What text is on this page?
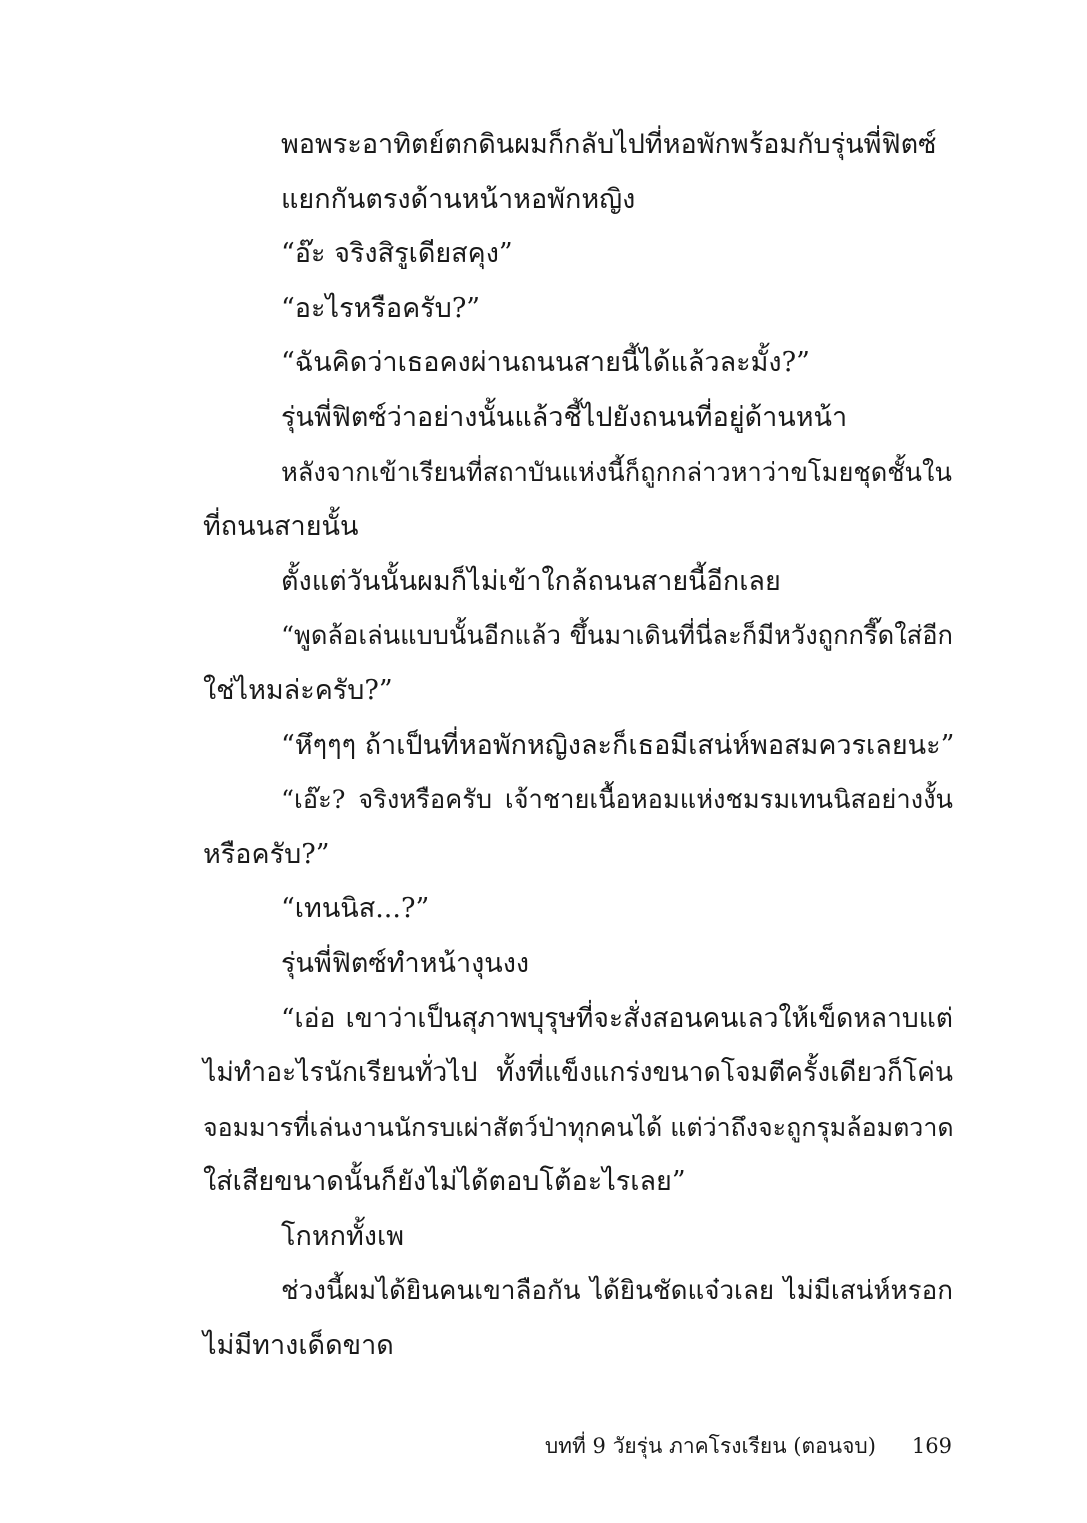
พอพระอาทิตย์ตกดินผมก็กลับไปที่หอพักพร้อมกับรุ่นพี่ฟิตซ์
แยกกันตรงด้านหน้าหอพักหญิง
“อ๊ะ จริงสิรูเดียสคุง”
“อะไรหรือครับ?”
“ฉันคิดว่าเธอคงผ่านถนนสายนี้ได้แล้วละมั้ง?”
รุ่นพี่ฟิตซ์ว่าอย่างนั้นแล้วชี้ไปยังถนนที่อยู่ด้านหน้า
หลังจากเข้าเรียนที่สถาบันแห่งนี้ก็ถูกกล่าวหาว่าขโมยชุดชั้นใน
ที่ถนนสายนั้น
ตั้งแต่วันนั้นผมก็ไม่เข้าใกล้ถนนสายนี้อีกเลย
“พูดล้อเล่นแบบนั้นอีกแล้ว ขึ้นมาเดินที่นี่ละก็มีหวังถูกกรี๊ดใส่อีก
ใช่ไหมล่ะครับ?”
“หึๆๆๆ ถ้าเป็นที่หอพักหญิงละก็เธอมีเสน่ห์พอสมควรเลยนะ”
“เอ๊ะ? จริงหรือครับ เจ้าชายเนื้อหอมแห่งชมรมเทนนิสอย่างงั้น
หรือครับ?”
“เทนนิส...?”
รุ่นพี่ฟิตซ์ทำหน้างุนงง
“เอ่อ เขาว่าเป็นสุภาพบุรุษที่จะสั่งสอนคนเลวให้เข็ดหลาบแต่
ไม่ทำอะไรนักเรียนทั่วไป ทั้งที่แข็งแกร่งขนาดโจมตีครั้งเดียวก็โค่น
จอมมารที่เล่นงานนักรบเผ่าสัตว์ป่าทุกคนได้ แต่ว่าถึงจะถูกรุมล้อมตวาด
ใส่เสียขนาดนั้นก็ยังไม่ได้ตอบโต้อะไรเลย”
โกหกทั้งเพ
ช่วงนี้ผมได้ยินคนเขาลือกัน ได้ยินชัดแจ๋วเลย ไม่มีเสน่ห์หรอก
ไม่มีทางเด็ดขาด
บทที่ 9 วัยรุ่น ภาคโรงเรียน (ตอนจบ) 169
